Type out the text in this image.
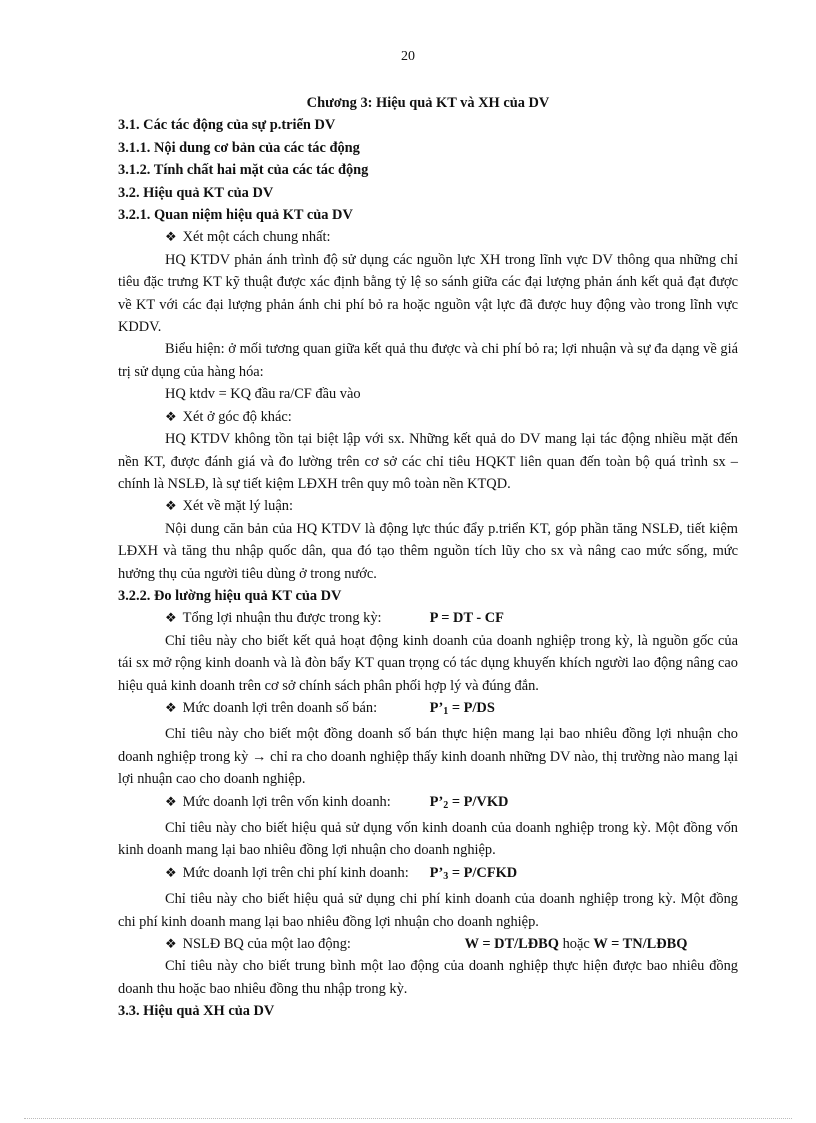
20
Chương 3: Hiệu quả KT và XH của DV
3.1. Các tác động của sự p.triển DV
3.1.1. Nội dung cơ bản của các tác động
3.1.2. Tính chất hai mặt của các tác động
3.2. Hiệu quả KT của DV
3.2.1. Quan niệm hiệu quả KT của DV
❖ Xét một cách chung nhất:
HQ KTDV phản ánh trình độ sử dụng các nguồn lực XH trong lĩnh vực DV thông qua những chỉ tiêu đặc trưng KT kỹ thuật được xác định bằng tỷ lệ so sánh giữa các đại lượng phản ánh kết quả đạt được về KT với các đại lượng phản ánh chi phí bỏ ra hoặc nguồn vật lực đã được huy động vào trong lĩnh vực KDDV.
Biểu hiện: ở mối tương quan giữa kết quả thu được và chi phí bỏ ra; lợi nhuận và sự đa dạng về giá trị sử dụng của hàng hóa:
HQ ktdv = KQ đầu ra/CF đầu vào
❖ Xét ở góc độ khác:
HQ KTDV không tồn tại biệt lập với sx. Những kết quả do DV mang lại tác động nhiều mặt đến nền KT, được đánh giá và đo lường trên cơ sở các chỉ tiêu HQKT liên quan đến toàn bộ quá trình sx – chính là NSLĐ, là sự tiết kiệm LĐXH trên quy mô toàn nền KTQD.
❖ Xét về mặt lý luận:
Nội dung căn bản của HQ KTDV là động lực thúc đẩy p.triển KT, góp phần tăng NSLĐ, tiết kiệm LĐXH và tăng thu nhập quốc dân, qua đó tạo thêm nguồn tích lũy cho sx và nâng cao mức sống, mức hưởng thụ của người tiêu dùng ở trong nước.
3.2.2. Đo lường hiệu quả KT của DV
❖ Tổng lợi nhuận thu được trong kỳ:	P = DT - CF
Chỉ tiêu này cho biết kết quả hoạt động kinh doanh của doanh nghiệp trong kỳ, là nguồn gốc của tái sx mở rộng kinh doanh và là đòn bẩy KT quan trọng có tác dụng khuyến khích người lao động nâng cao hiệu quả kinh doanh trên cơ sở chính sách phân phối hợp lý và đúng đắn.
❖ Mức doanh lợi trên doanh số bán:	$P’_1 = P/DS$
Chỉ tiêu này cho biết một đồng doanh số bán thực hiện mang lại bao nhiêu đồng lợi nhuận cho doanh nghiệp trong kỳ → chỉ ra cho doanh nghiệp thấy kinh doanh những DV nào, thị trường nào mang lại lợi nhuận cao cho doanh nghiệp.
❖ Mức doanh lợi trên vốn kinh doanh:	$P’_2 = P/VKD$
Chỉ tiêu này cho biết hiệu quả sử dụng vốn kinh doanh của doanh nghiệp trong kỳ. Một đồng vốn kinh doanh mang lại bao nhiêu đồng lợi nhuận cho doanh nghiệp.
❖ Mức doanh lợi trên chi phí kinh doanh: $P’_3$ = P/CFKD
Chỉ tiêu này cho biết hiệu quả sử dụng chi phí kinh doanh của doanh nghiệp trong kỳ. Một đồng chi phí kinh doanh mang lại bao nhiêu đồng lợi nhuận cho doanh nghiệp.
❖ NSLĐ BQ của một lao động:	W = DT/LĐBQ hoặc W = TN/LĐBQ
Chỉ tiêu này cho biết trung bình một lao động của doanh nghiệp thực hiện được bao nhiêu đồng doanh thu hoặc bao nhiêu đồng thu nhập trong kỳ.
3.3. Hiệu quả XH của DV
